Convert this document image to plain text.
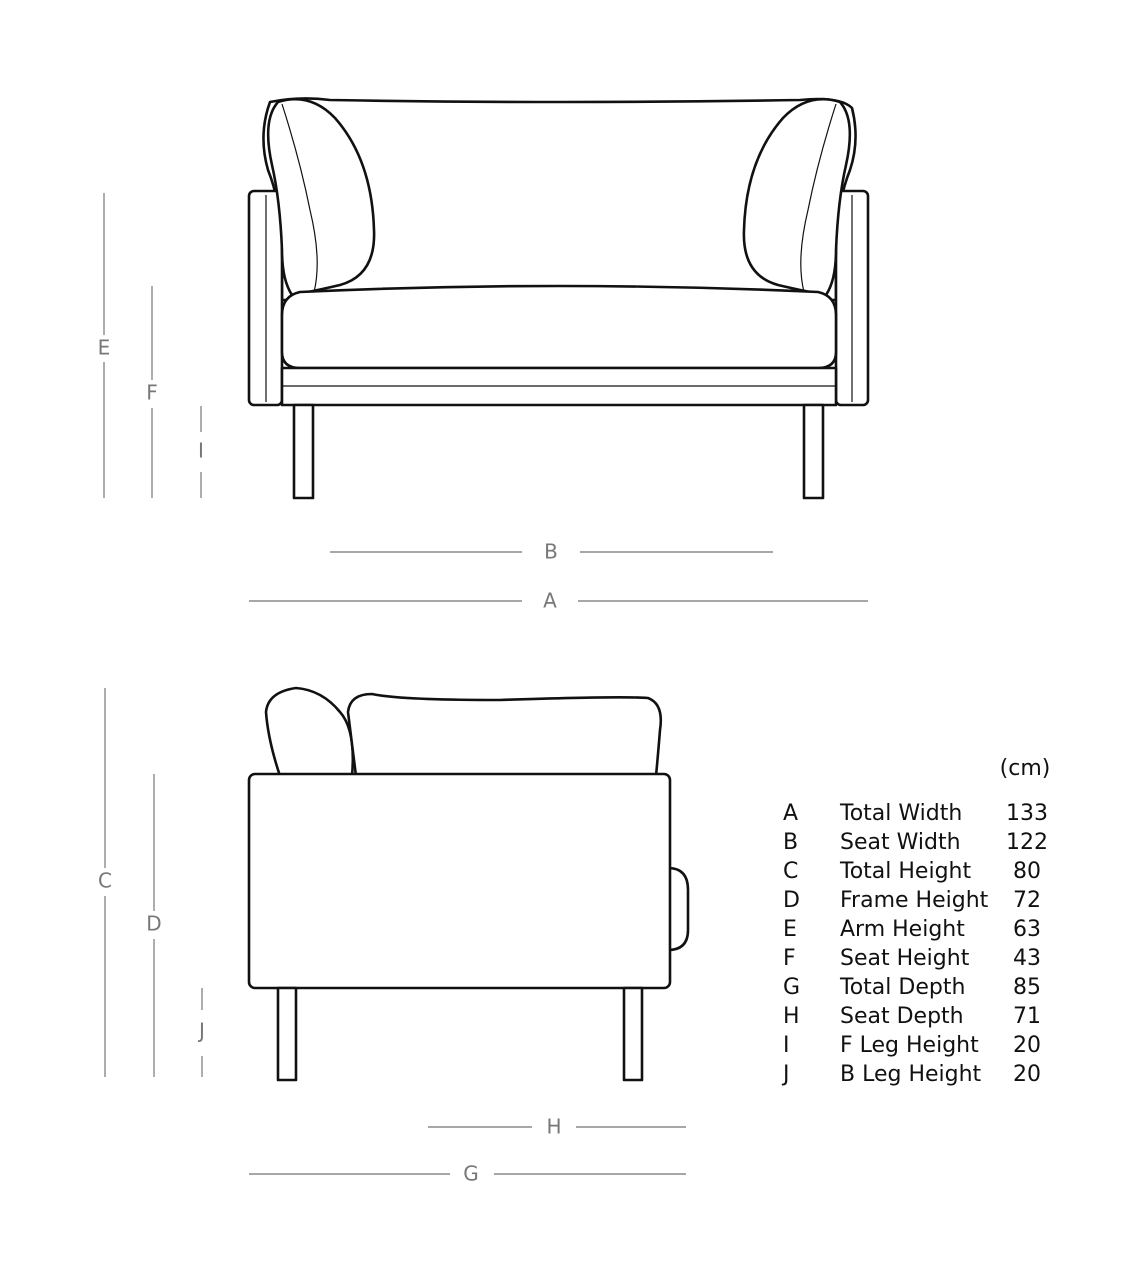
E
F
I
B
A
C
D
J
H
G
(cm)
A Total Width 133
B Seat Width 122
C Total Height 80
D Frame Height 72
E Arm Height 63
F Seat Height 43
G Total Depth 85
H Seat Depth 71
I F Leg Height 20
J B Leg Height 20
